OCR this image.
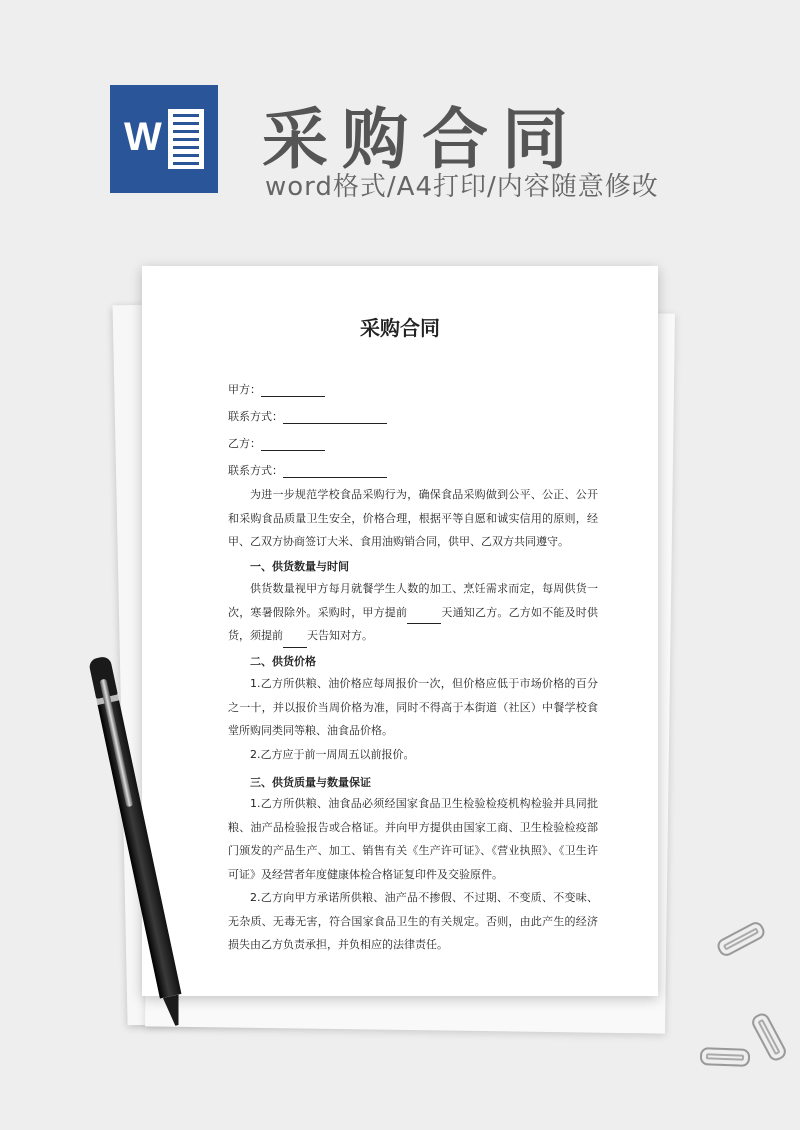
W 采购合同
word格式/A4打印/内容随意修改
采购合同
甲方：
联系方式：
乙方：
联系方式：
为进一步规范学校食品采购行为，确保食品采购做到公平、公正、公开和采购食品质量卫生安全，价格合理，根据平等自愿和诚实信用的原则，经甲、乙双方协商签订大米、食用油购销合同，供甲、乙双方共同遵守。
一、供货数量与时间
供货数量视甲方每月就餐学生人数的加工、烹饪需求而定，每周供货一次，寒暑假除外。采购时，甲方提前	天通知乙方。乙方如不能及时供货，须提前 天告知对方。
二、供货价格
1.乙方所供粮、油价格应每周报价一次，但价格应低于市场价格的百分之一十，并以报价当周价格为准，同时不得高于本街道（社区）中餐学校食堂所购同类同等粮、油食品价格。
2.乙方应于前一周周五以前报价。
三、供货质量与数量保证
1.乙方所供粮、油食品必须经国家食品卫生检验检疫机构检验并具同批粮、油产品检验报告或合格证。并向甲方提供由国家工商、卫生检验检疫部门颁发的产品生产、加工、销售有关《生产许可证》、《营业执照》、《卫生许可证》及经营者年度健康体检合格证复印件及交验原件。
2.乙方向甲方承诺所供粮、油产品不掺假、不过期、不变质、不变味、无杂质、无毒无害，符合国家食品卫生的有关规定。否则，由此产生的经济损失由乙方负责承担，并负相应的法律责任。
